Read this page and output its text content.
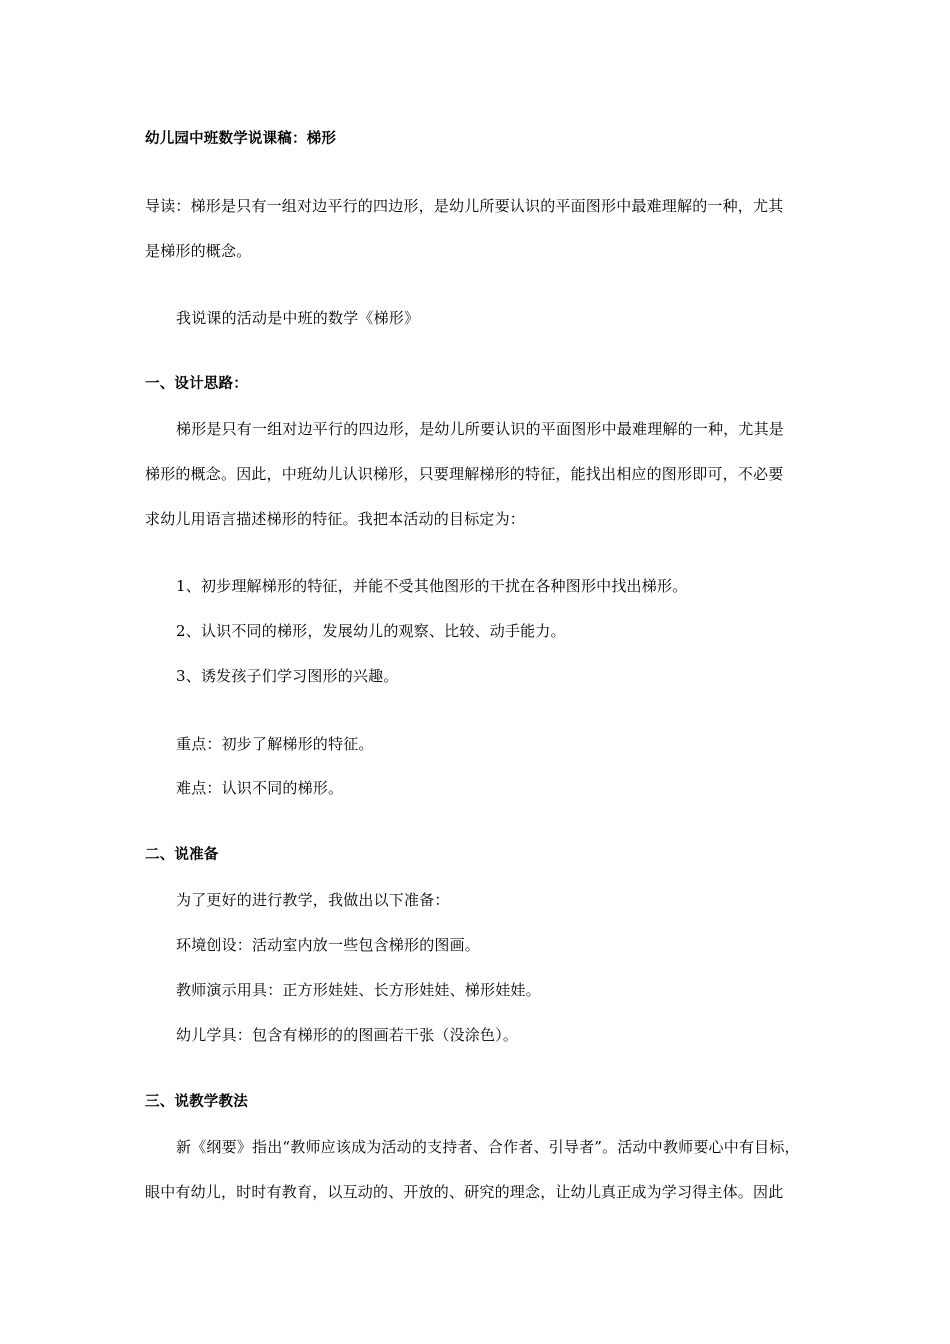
幼儿园中班数学说课稿：梯形
导读：梯形是只有一组对边平行的四边形，是幼儿所要认识的平面图形中最难理解的一种，尤其
是梯形的概念。
我说课的活动是中班的数学《梯形》
一、设计思路：
梯形是只有一组对边平行的四边形，是幼儿所要认识的平面图形中最难理解的一种，尤其是
梯形的概念。因此，中班幼儿认识梯形，只要理解梯形的特征，能找出相应的图形即可，不必要
求幼儿用语言描述梯形的特征。我把本活动的目标定为：
1、初步理解梯形的特征，并能不受其他图形的干扰在各种图形中找出梯形。
2、认识不同的梯形，发展幼儿的观察、比较、动手能力。
3、诱发孩子们学习图形的兴趣。
重点：初步了解梯形的特征。
难点：认识不同的梯形。
二、说准备
为了更好的进行教学，我做出以下准备：
环境创设：活动室内放一些包含梯形的图画。
教师演示用具：正方形娃娃、长方形娃娃、梯形娃娃。
幼儿学具：包含有梯形的的图画若干张（没涂色）。
三、说教学教法
新《纲要》指出“教师应该成为活动的支持者、合作者、引导者”。活动中教师要心中有目标，
眼中有幼儿，时时有教育，以互动的、开放的、研究的理念，让幼儿真正成为学习得主体。因此
